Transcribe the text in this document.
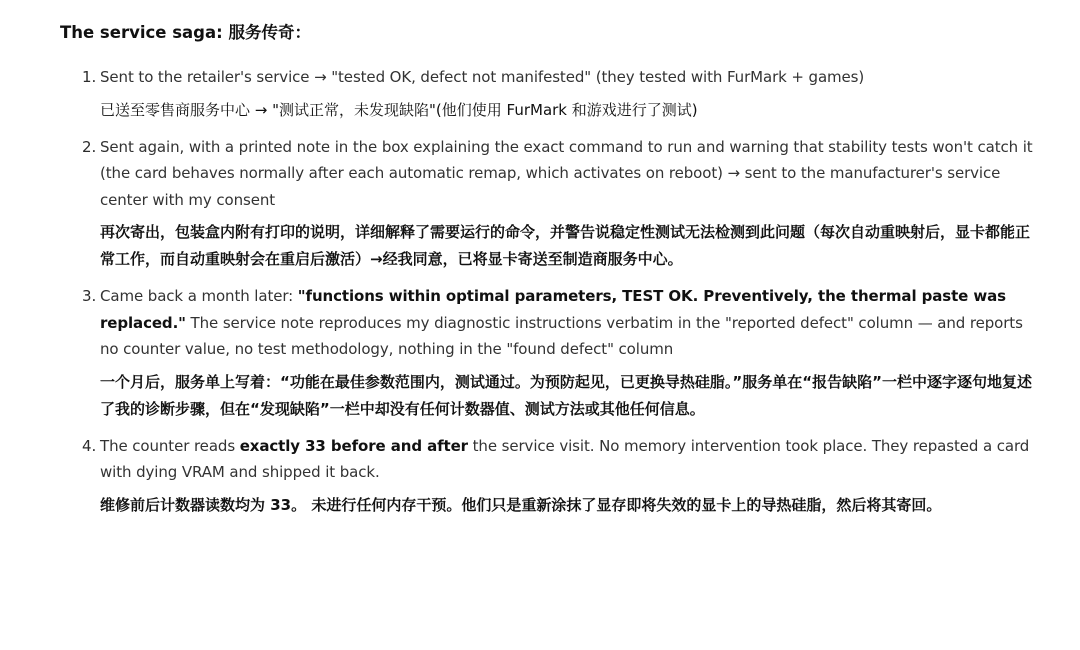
The service saga: 服务传奇：
1. Sent to the retailer's service → "tested OK, defect not manifested" (they tested with FurMark + games)

已送至零售商服务中心 → "测试正常，未发现缺陷"(他们使用 FurMark 和游戏进行了测试)

2. Sent again, with a printed note in the box explaining the exact command to run and warning that stability tests won't catch it (the card behaves normally after each automatic remap, which activates on reboot) → sent to the manufacturer's service center with my consent

再次寄出，包装盒内附有打印的说明，详细解释了需要运行的命令，并警告说稳定性测试无法检测到此问题（每次自动重映射后，显卡都能正常工作，而自动重映射会在重启后激活）→经我同意，已将显卡寄送至制造商服务中心。

3. Came back a month later: "functions within optimal parameters, TEST OK. Preventively, the thermal paste was replaced." The service note reproduces my diagnostic instructions verbatim in the "reported defect" column — and reports no counter value, no test methodology, nothing in the "found defect" column

一个月后，服务单上写着：“功能在最佳参数范围内，测试通过。为预防起见，已更换导热硅脂。”服务单在“报告缺陷”一栏中逐字逐句地复述了我的诊断步骤，但在“发现缺陷”一栏中却没有任何计数器值、测试方法或其他任何信息。

4. The counter reads exactly 33 before and after the service visit. No memory intervention took place. They repasted a card with dying VRAM and shipped it back.

维修前后计数器读数均为 33。 未进行任何内存干预。他们只是重新涂抹了显存即将失效的显卡上的导热硅脂，然后将其寄回。
